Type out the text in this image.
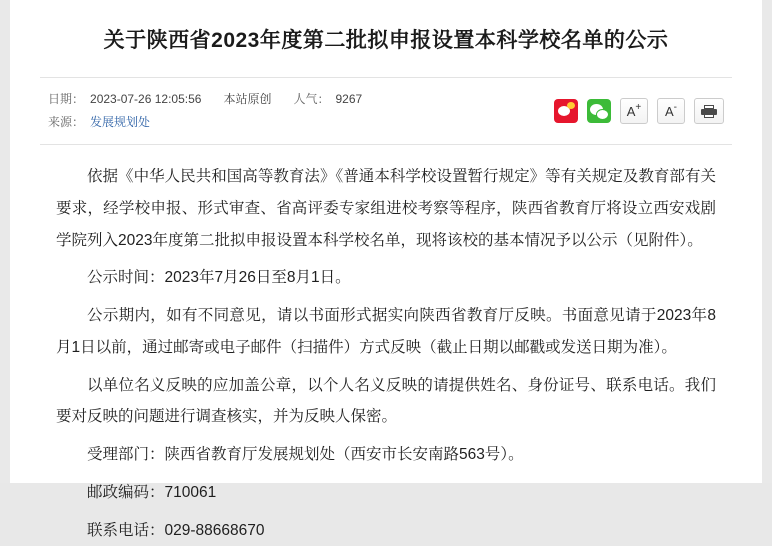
关于陕西省2023年度第二批拟申报设置本科学校名单的公示
日期： 2023-07-26 12:05:56 本站原创 人气： 9267
来源： 发展规划处
A + A -

依据《中华人民共和国高等教育法》《普通本科学校设置暂行规定》等有关规定及教育部有关要求，经学校申报、形式审查、省高评委专家组进校考察等程序，陕西省教育厅将设立西安戏剧学院列入2023年度第二批拟申报设置本科学校名单，现将该校的基本情况予以公示（见附件）。

公示时间：2023年7月26日至8月1日。

公示期内，如有不同意见，请以书面形式据实向陕西省教育厅反映。书面意见请于2023年8月1日以前，通过邮寄或电子邮件（扫描件）方式反映（截止日期以邮戳或发送日期为准）。

以单位名义反映的应加盖公章，以个人名义反映的请提供姓名、身份证号、联系电话。我们要对反映的问题进行调查核实，并为反映人保密。

受理部门：陕西省教育厅发展规划处（西安市长安南路563号）。

邮政编码：710061

联系电话：029-88668670
